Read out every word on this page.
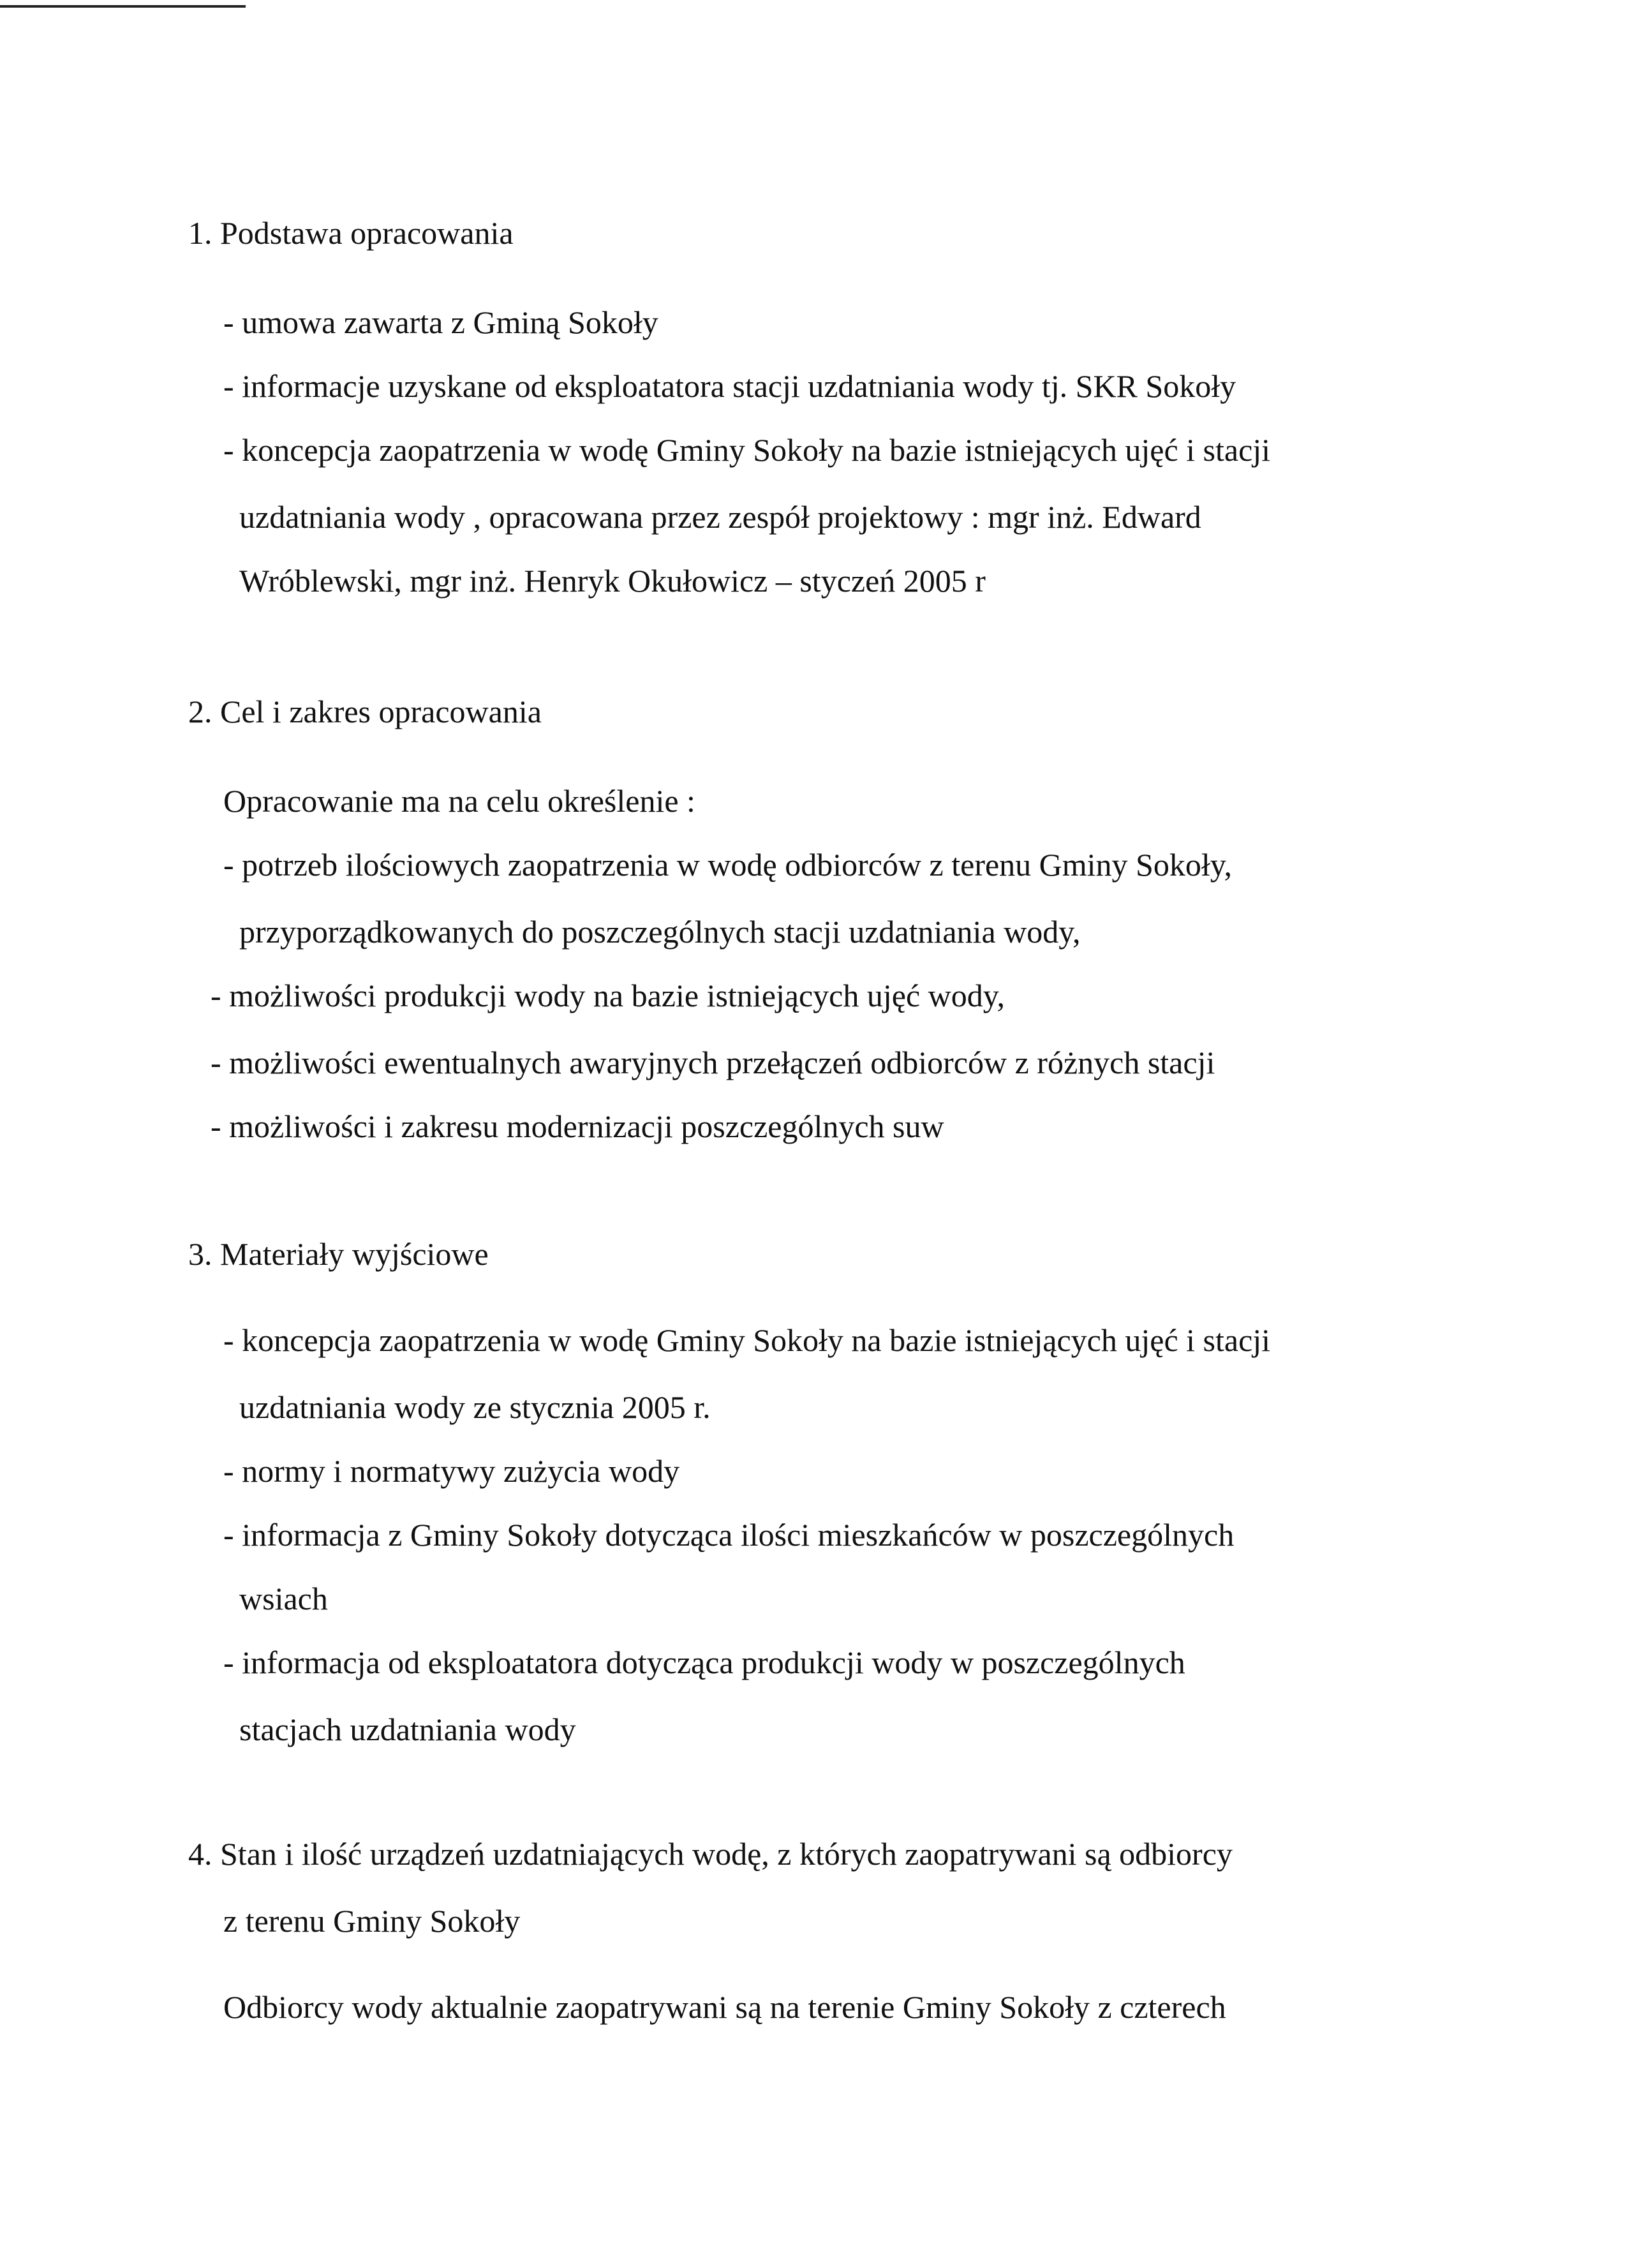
1. Podstawa opracowania
- umowa zawarta z Gminą Sokoły
- informacje uzyskane od eksploatatora stacji uzdatniania wody tj. SKR Sokoły
- koncepcja zaopatrzenia w wodę Gminy Sokoły na bazie istniejących ujęć i stacji
uzdatniania wody , opracowana przez zespół projektowy : mgr inż. Edward
Wróblewski, mgr inż. Henryk Okułowicz – styczeń 2005 r
2. Cel i zakres opracowania
Opracowanie ma na celu określenie :
- potrzeb ilościowych zaopatrzenia w wodę odbiorców z terenu Gminy Sokoły,
przyporządkowanych do poszczególnych stacji uzdatniania wody,
- możliwości produkcji wody na bazie istniejących ujęć wody,
- możliwości ewentualnych awaryjnych przełączeń odbiorców z różnych stacji
- możliwości i zakresu modernizacji poszczególnych suw
3. Materiały wyjściowe
- koncepcja zaopatrzenia w wodę Gminy Sokoły na bazie istniejących ujęć i stacji
uzdatniania wody ze stycznia 2005 r.
- normy i normatywy zużycia wody
- informacja z Gminy Sokoły dotycząca ilości mieszkańców w poszczególnych
wsiach
- informacja od eksploatatora dotycząca produkcji wody w poszczególnych
stacjach uzdatniania wody
4. Stan i ilość urządzeń uzdatniających wodę, z których zaopatrywani są odbiorcy
z terenu Gminy Sokoły
Odbiorcy wody aktualnie zaopatrywani są na terenie Gminy Sokoły z czterech
